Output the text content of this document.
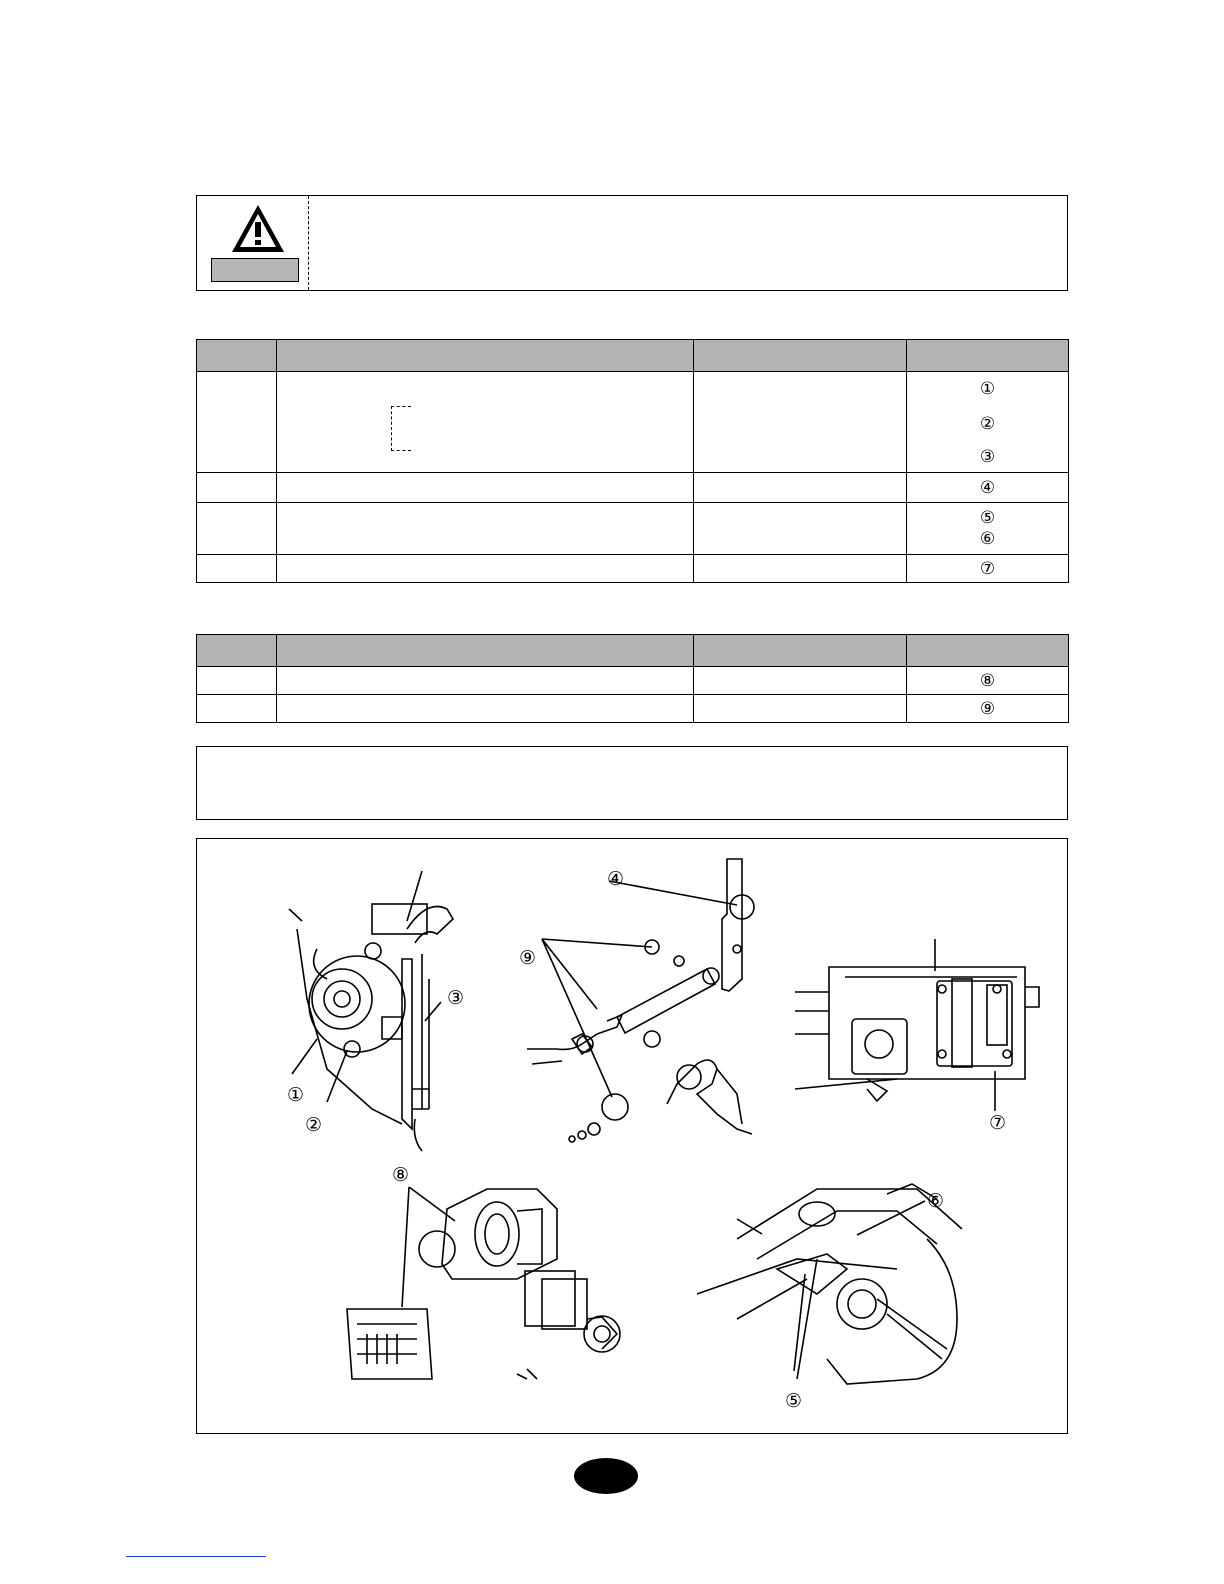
			①
②
③

			④

			⑤
⑥

			⑦

			⑧
			⑨
①
②
③
④
⑤
⑥
⑦
⑧
⑨
